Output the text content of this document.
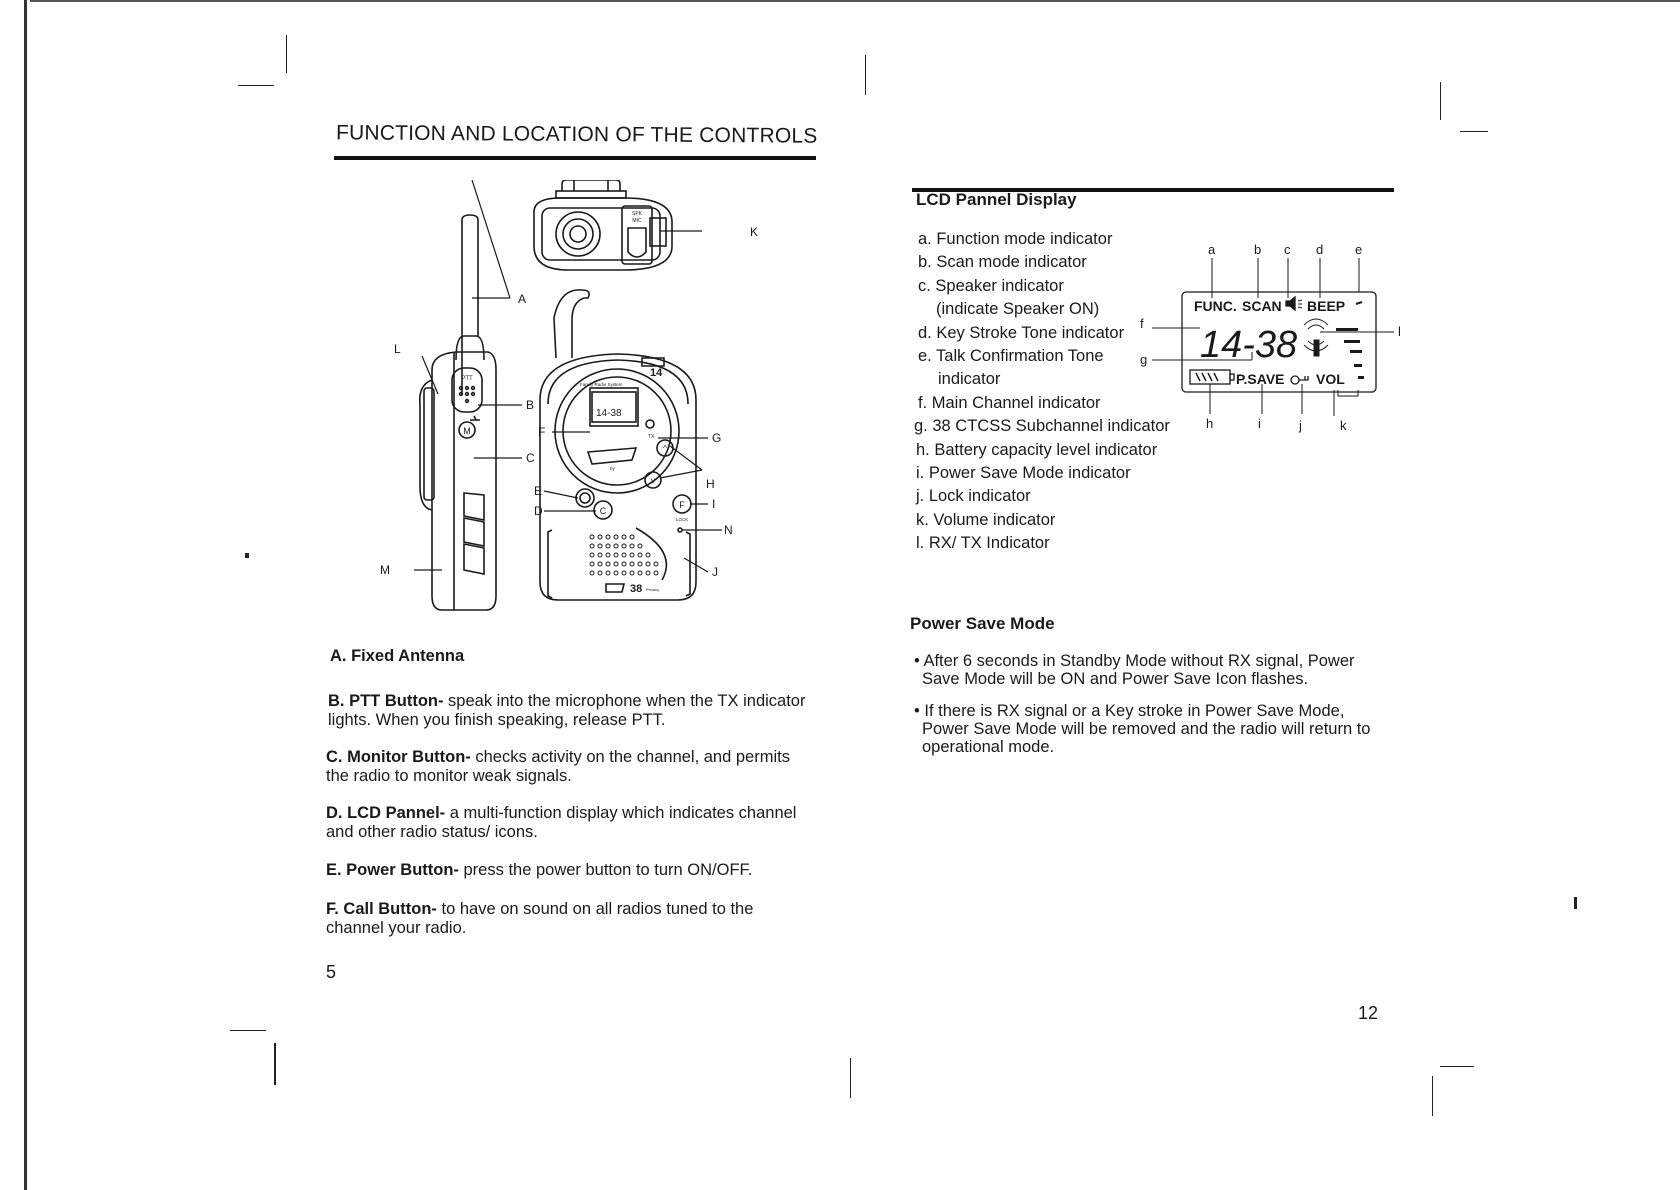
FUNCTION AND LOCATION OF THE CONTROLS
SPK
MIC
PTT
M
14-38
14
Family Radio System
by
TX
^
v
C
F
LOCK
38 Privacy
A
L
B
C
M
F
E
D
G
H
I
N
J
K
A. Fixed Antenna
B. PTT Button- speak into the microphone when the TX indicator lights. When you finish speaking, release PTT.
C. Monitor Button- checks activity on the channel, and permits the radio to monitor weak signals.
D. LCD Pannel- a multi-function display which indicates channel and other radio status/ icons.
E. Power Button- press the power button to turn ON/OFF.
F. Call Button- to have on sound on all radios tuned to the channel your radio.
5
LCD Pannel Display
a. Function mode indicator
b. Scan mode indicator
c. Speaker indicator
(indicate Speaker ON)
d. Key Stroke Tone indicator
e. Talk Confirmation Tone
indicator
f. Main Channel indicator
g. 38 CTCSS Subchannel indicator
h. Battery capacity level indicator
i. Power Save Mode indicator
j. Lock indicator
k. Volume indicator
l. RX/ TX Indicator
FUNC. SCAN BEEP
14-38
P.SAVE VOL
a	b c d e
f
g
l
h	i	j	k
Power Save Mode
• After 6 seconds in Standby Mode without RX signal, Power Save Mode will be ON and Power Save Icon flashes.
• If there is RX signal or a Key stroke in Power Save Mode, Power Save Mode will be removed and the radio will return to operational mode.
12
